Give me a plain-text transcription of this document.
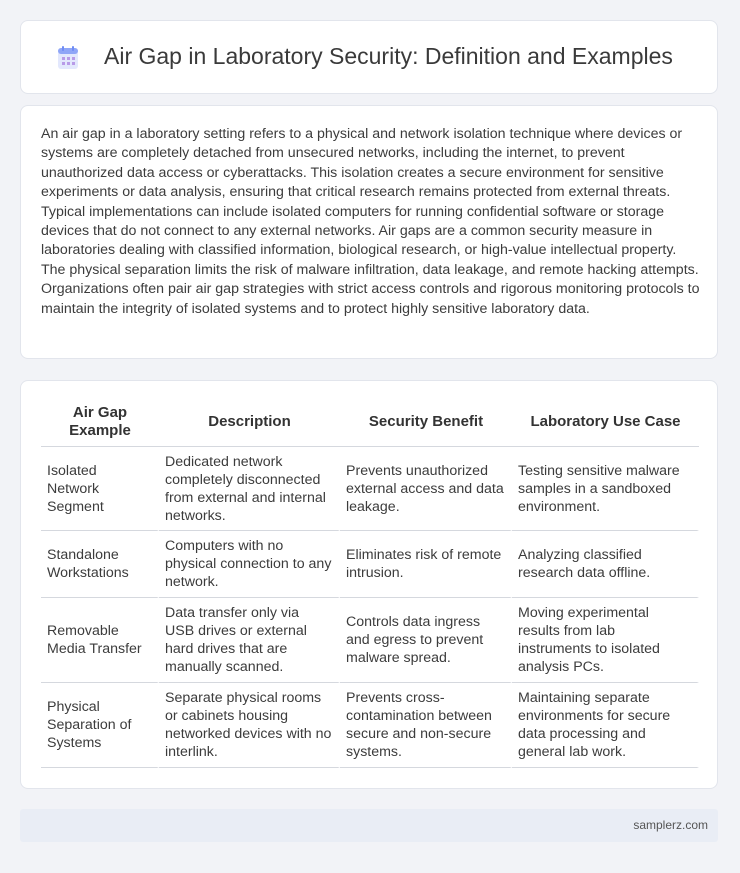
Air Gap in Laboratory Security: Definition and Examples

An air gap in a laboratory setting refers to a physical and network isolation technique where devices or systems are completely detached from unsecured networks, including the internet, to prevent unauthorized data access or cyberattacks. This isolation creates a secure environment for sensitive experiments or data analysis, ensuring that critical research remains protected from external threats. Typical implementations can include isolated computers for running confidential software or storage devices that do not connect to any external networks. Air gaps are a common security measure in laboratories dealing with classified information, biological research, or high-value intellectual property. The physical separation limits the risk of malware infiltration, data leakage, and remote hacking attempts. Organizations often pair air gap strategies with strict access controls and rigorous monitoring protocols to maintain the integrity of isolated systems and to protect highly sensitive laboratory data.

Air Gap Example	Description	Security Benefit	Laboratory Use Case
Isolated Network Segment	Dedicated network completely disconnected from external and internal networks.	Prevents unauthorized external access and data leakage.	Testing sensitive malware samples in a sandboxed environment.
Standalone Workstations	Computers with no physical connection to any network.	Eliminates risk of remote intrusion.	Analyzing classified research data offline.
Removable Media Transfer	Data transfer only via USB drives or external hard drives that are manually scanned.	Controls data ingress and egress to prevent malware spread.	Moving experimental results from lab instruments to isolated analysis PCs.
Physical Separation of Systems	Separate physical rooms or cabinets housing networked devices with no interlink.	Prevents cross-contamination between secure and non-secure systems.	Maintaining separate environments for secure data processing and general lab work.
samplerz.com
